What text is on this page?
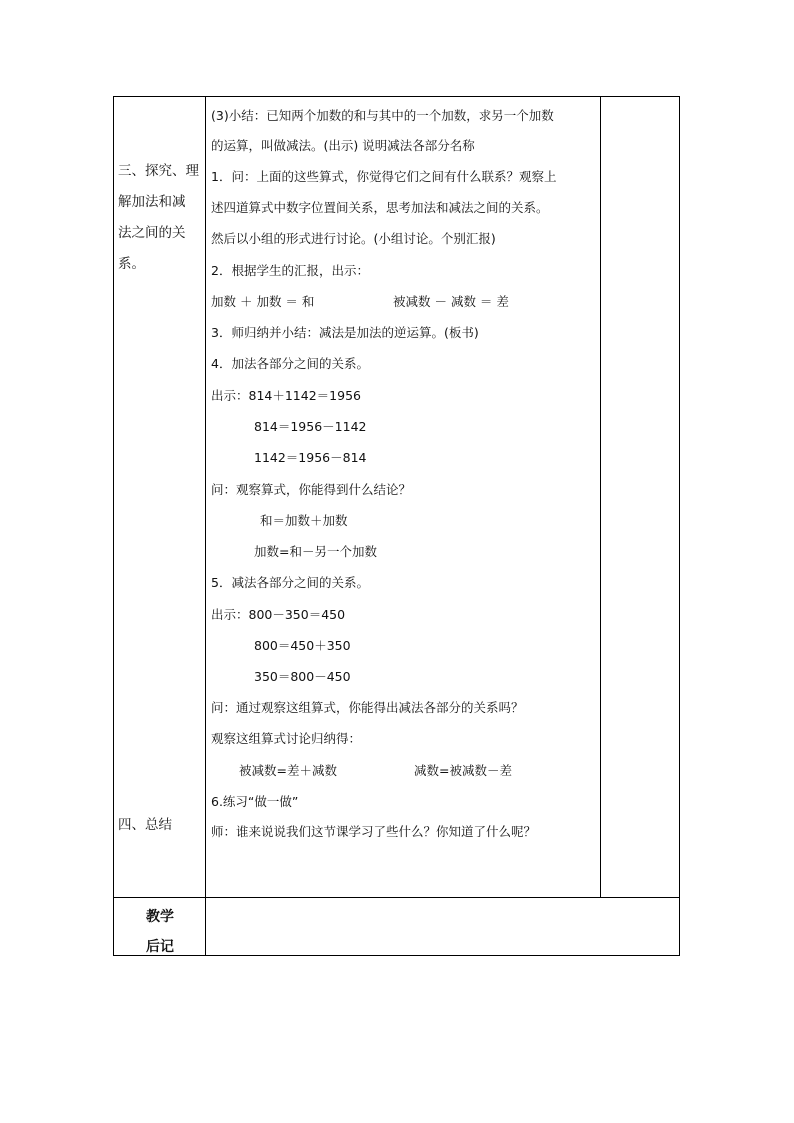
三、探究、理
解加法和减
法之间的关
系。
四、总结
(3)小结：已知两个加数的和与其中的一个加数，求另一个加数
的运算，叫做减法。(出示) 说明减法各部分名称
1．问：上面的这些算式，你觉得它们之间有什么联系？观察上
述四道算式中数字位置间关系，思考加法和减法之间的关系。
然后以小组的形式进行讨论。(小组讨论。个别汇报)
2．根据学生的汇报，出示：
加数 ＋ 加数 ＝ 和	被减数 － 减数 ＝ 差
3．师归纳并小结：减法是加法的逆运算。(板书)
4．加法各部分之间的关系。
出示：814＋1142＝1956
814＝1956－1142
1142＝1956－814
问：观察算式，你能得到什么结论？
和＝加数＋加数
加数=和－另一个加数
5．减法各部分之间的关系。
出示：800－350＝450
800＝450＋350
350＝800－450
问：通过观察这组算式，你能得出减法各部分的关系吗？
观察这组算式讨论归纳得：
被减数=差＋减数	减数=被减数－差
6.练习“做一做”
师：谁来说说我们这节课学习了些什么？你知道了什么呢？
教学
后记
